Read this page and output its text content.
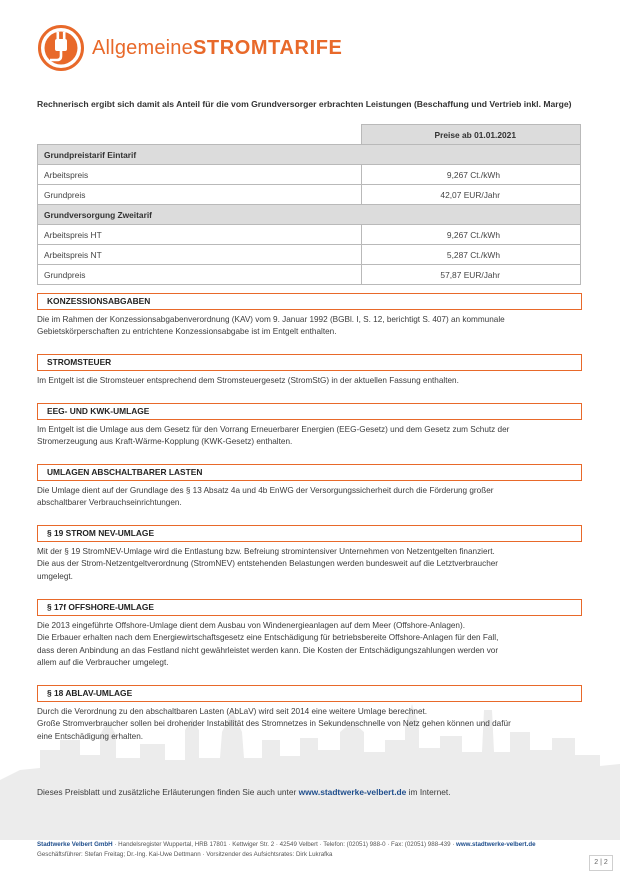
AllgemeineSTROMTARIFE
Rechnerisch ergibt sich damit als Anteil für die vom Grundversorger erbrachten Leistungen (Beschaffung und Vertrieb inkl. Marge)
	Preise ab 01.01.2021
Grundpreistarif Eintarif	
Arbeitspreis	9,267 Ct./kWh
Grundpreis	42,07 EUR/Jahr
Grundversorgung Zweitarif	
Arbeitspreis HT	9,267 Ct./kWh
Arbeitspreis NT	5,287 Ct./kWh
Grundpreis	57,87 EUR/Jahr
KONZESSIONSABGABEN
Die im Rahmen der Konzessionsabgabenverordnung (KAV) vom 9. Januar 1992 (BGBl. I, S. 12, berichtigt S. 407) an kommunale
Gebietskörperschaften zu entrichtene Konzessionsabgabe ist im Entgelt enthalten.
STROMSTEUER
Im Entgelt ist die Stromsteuer entsprechend dem Stromsteuergesetz (StromStG) in der aktuellen Fassung enthalten.
EEG- UND KWK-UMLAGE
Im Entgelt ist die Umlage aus dem Gesetz für den Vorrang Erneuerbarer Energien (EEG-Gesetz) und dem Gesetz zum Schutz der
Stromerzeugung aus Kraft-Wärme-Kopplung (KWK-Gesetz) enthalten.
UMLAGEN ABSCHALTBARER LASTEN
Die Umlage dient auf der Grundlage des § 13 Absatz 4a und 4b EnWG der Versorgungssicherheit durch die Förderung großer
abschaltbarer Verbrauchseinrichtungen.
§ 19 STROM NEV-UMLAGE
Mit der § 19 StromNEV-Umlage wird die Entlastung bzw. Befreiung stromintensiver Unternehmen von Netzentgelten finanziert.
Die aus der Strom-Netzentgeltverordnung (StromNEV) entstehenden Belastungen werden bundesweit auf die Letztverbraucher
umgelegt.
§ 17f OFFSHORE-UMLAGE
Die 2013 eingeführte Offshore-Umlage dient dem Ausbau von Windenergieanlagen auf dem Meer (Offshore-Anlagen).
Die Erbauer erhalten nach dem Energiewirtschaftsgesetz eine Entschädigung für betriebsbereite Offshore-Anlagen für den Fall,
dass deren Anbindung an das Festland nicht gewährleistet werden kann. Die Kosten der Entschädigungszahlungen werden vor
allem auf die Verbraucher umgelegt.
§ 18 ABLAV-UMLAGE
Durch die Verordnung zu den abschaltbaren Lasten (AbLaV) wird seit 2014 eine weitere Umlage berechnet.
Große Stromverbraucher sollen bei drohender Instabilität des Stromnetzes in Sekundenschnelle von Netz gehen können und dafür
eine Entschädigung erhalten.
Dieses Preisblatt und zusätzliche Erläuterungen finden Sie auch unter www.stadtwerke-velbert.de im Internet.
Stadtwerke Velbert GmbH · Handelsregister Wuppertal, HRB 17801 · Kettwiger Str. 2 · 42549 Velbert · Telefon: (02051) 988-0 · Fax: (02051) 988-439 · www.stadtwerke-velbert.de
Geschäftsführer: Stefan Freitag; Dr.-Ing. Kai-Uwe Dettmann · Vorsitzender des Aufsichtsrates: Dirk Lukrafka
2 | 2
